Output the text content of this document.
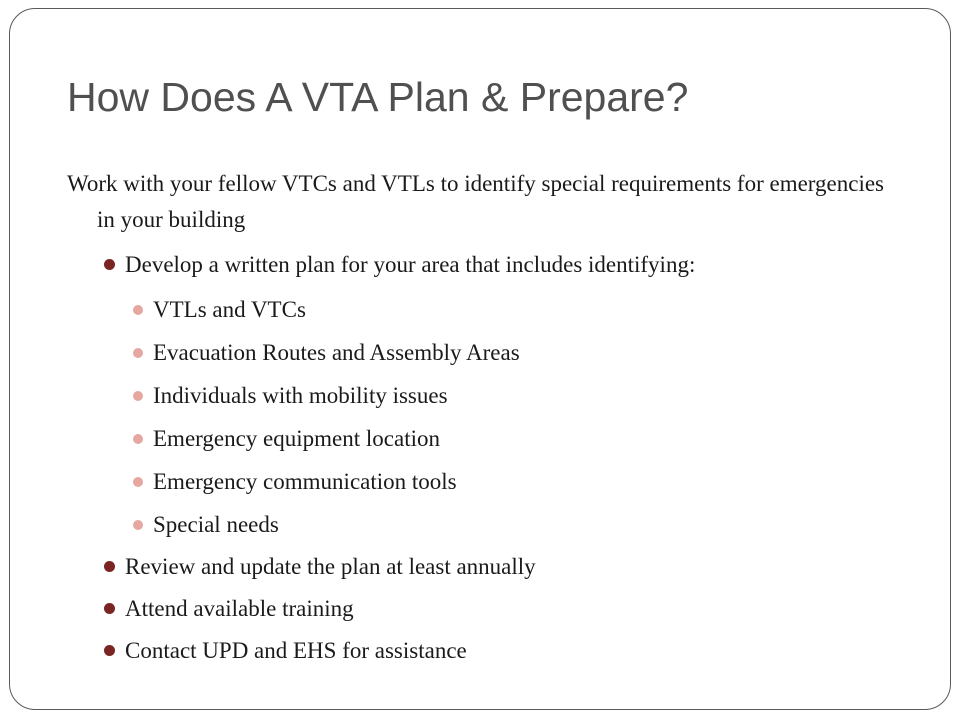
How Does A VTA Plan & Prepare?

Work with your fellow VTCs and VTLs to identify special requirements for emergencies in your building

Develop a written plan for your area that includes identifying:
VTLs and VTCs
Evacuation Routes and Assembly Areas
Individuals with mobility issues
Emergency equipment location
Emergency communication tools
Special needs
Review and update the plan at least annually
Attend available training
Contact UPD and EHS for assistance
